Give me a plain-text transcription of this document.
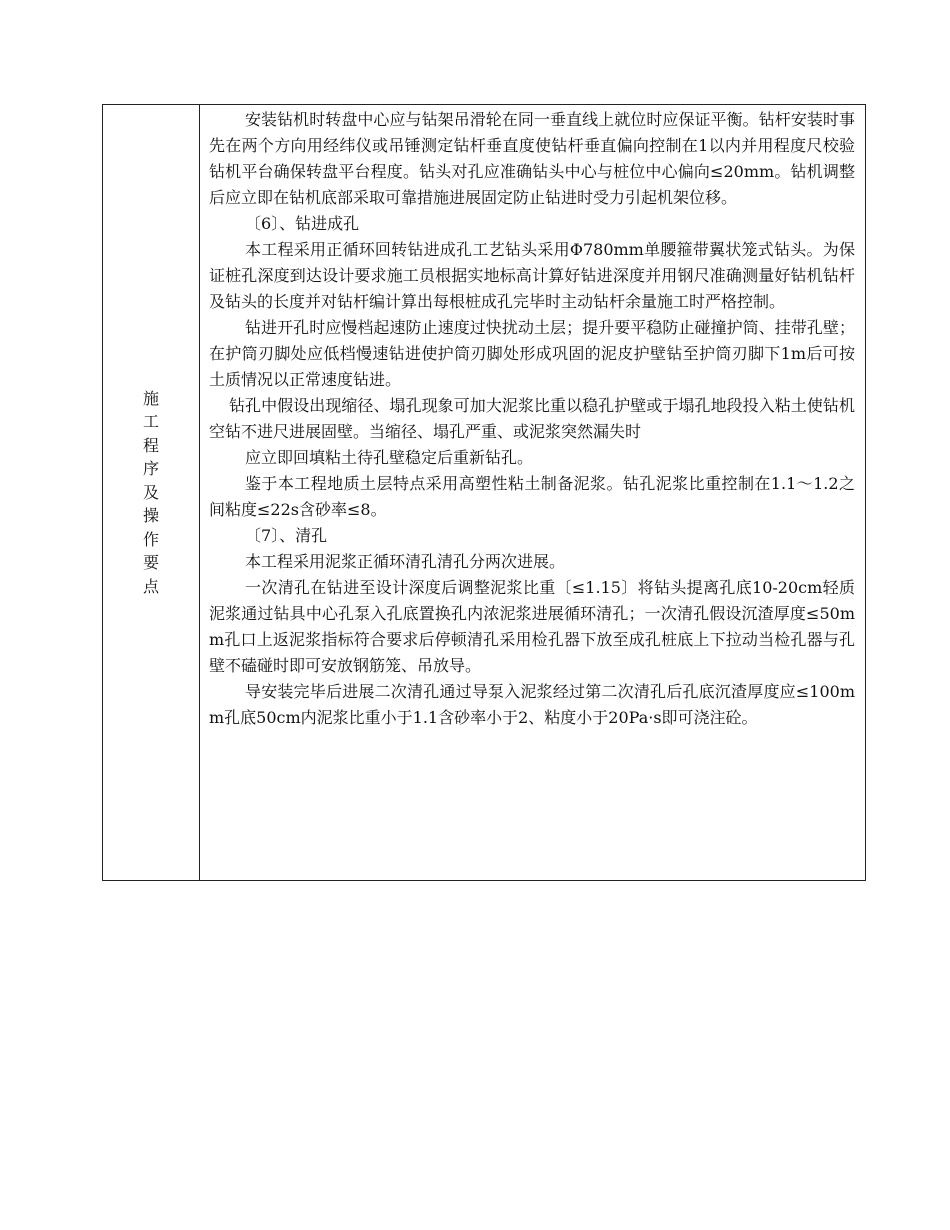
施工程序及操作要点

安装钻机时转盘中心应与钻架吊滑轮在同一垂直线上就位时应保证平衡。钻杆安装时事先在两个方向用经纬仪或吊锤测定钻杆垂直度使钻杆垂直偏向控制在1以内并用程度尺校验钻机平台确保转盘平台程度。钻头对孔应准确钻头中心与桩位中心偏向≤20mm。钻机调整后应立即在钻机底部采取可靠措施进展固定防止钻进时受力引起机架位移。

〔6〕、钻进成孔

本工程采用正循环回转钻进成孔工艺钻头采用Φ780mm单腰箍带翼状笼式钻头。为保证桩孔深度到达设计要求施工员根据实地标高计算好钻进深度并用钢尺准确测量好钻机钻杆及钻头的长度并对钻杆编计算出每根桩成孔完毕时主动钻杆余量施工时严格控制。

钻进开孔时应慢档起速防止速度过快扰动土层；提升要平稳防止碰撞护筒、挂带孔壁；在护筒刃脚处应低档慢速钻进使护筒刃脚处形成巩固的泥皮护壁钻至护筒刃脚下1m后可按土质情况以正常速度钻进。

钻孔中假设出现缩径、塌孔现象可加大泥浆比重以稳孔护壁或于塌孔地段投入粘土使钻机空钻不进尺进展固壁。当缩径、塌孔严重、或泥浆突然漏失时

应立即回填粘土待孔壁稳定后重新钻孔。

鉴于本工程地质土层特点采用高塑性粘土制备泥浆。钻孔泥浆比重控制在1.1～1.2之间粘度≤22s含砂率≤8。

〔7〕、清孔

本工程采用泥浆正循环清孔清孔分两次进展。

一次清孔在钻进至设计深度后调整泥浆比重〔≤1.15〕将钻头提离孔底10-20cm轻质泥浆通过钻具中心孔泵入孔底置换孔内浓泥浆进展循环清孔；一次清孔假设沉渣厚度≤50mm孔口上返泥浆指标符合要求后停顿清孔采用检孔器下放至成孔桩底上下拉动当检孔器与孔壁不磕碰时即可安放钢筋笼、吊放导。

导安装完毕后进展二次清孔通过导泵入泥浆经过第二次清孔后孔底沉渣厚度应≤100mm孔底50cm内泥浆比重小于1.1含砂率小于2、粘度小于20Pa·s即可浇注砼。
